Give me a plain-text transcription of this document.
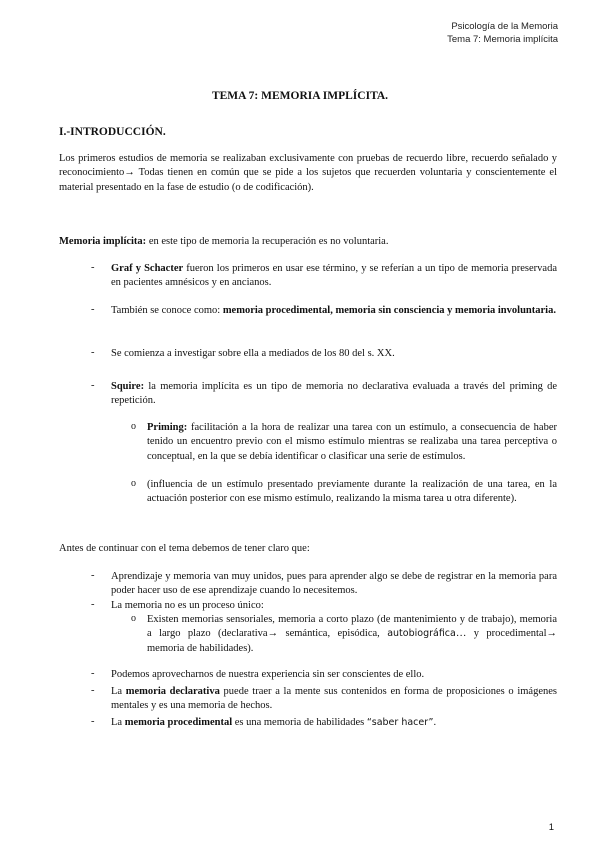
Psicología de la Memoria
Tema 7: Memoria implícita
TEMA 7: MEMORIA IMPLÍCITA.
I.-INTRODUCCIÓN.
Los primeros estudios de memoria se realizaban exclusivamente con pruebas de recuerdo libre, recuerdo señalado y reconocimiento→ Todas tienen en común que se pide a los sujetos que recuerden voluntaria y conscientemente el material presentado en la fase de estudio (o de codificación).
Memoria implícita: en este tipo de memoria la recuperación es no voluntaria.
- Graf y Schacter fueron los primeros en usar ese término, y se referían a un tipo de memoria preservada en pacientes amnésicos y en ancianos.
- También se conoce como: memoria procedimental, memoria sin consciencia y memoria involuntaria.
- Se comienza a investigar sobre ella a mediados de los 80 del s. XX.
- Squire: la memoria implícita es un tipo de memoria no declarativa evaluada a través del priming de repetición.
o Priming: facilitación a la hora de realizar una tarea con un estímulo, a consecuencia de haber tenido un encuentro previo con el mismo estímulo mientras se realizaba una tarea perceptiva o conceptual, en la que se debía identificar o clasificar una serie de estímulos.
o (influencia de un estímulo presentado previamente durante la realización de una tarea, en la actuación posterior con ese mismo estímulo, realizando la misma tarea u otra diferente).
Antes de continuar con el tema debemos de tener claro que:
- Aprendizaje y memoria van muy unidos, pues para aprender algo se debe de registrar en la memoria para poder hacer uso de ese aprendizaje cuando lo necesitemos.
- La memoria no es un proceso único:
o Existen memorias sensoriales, memoria a corto plazo (de mantenimiento y de trabajo), memoria a largo plazo (declarativa→ semántica, episódica, autobiográfica… y procedimental→ memoria de habilidades).
- Podemos aprovecharnos de nuestra experiencia sin ser conscientes de ello.
- La memoria declarativa puede traer a la mente sus contenidos en forma de proposiciones o imágenes mentales y es una memoria de hechos.
- La memoria procedimental es una memoria de habilidades “saber hacer”.
1
